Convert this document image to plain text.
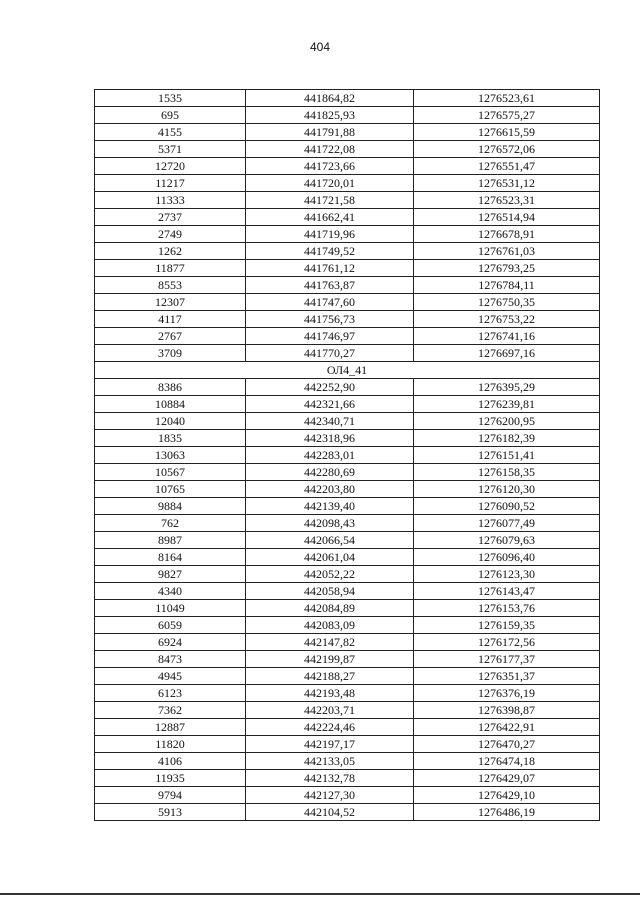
404
1535	441864,82	1276523,61
695	441825,93	1276575,27
4155	441791,88	1276615,59
5371	441722,08	1276572,06
12720	441723,66	1276551,47
11217	441720,01	1276531,12
11333	441721,58	1276523,31
2737	441662,41	1276514,94
2749	441719,96	1276678,91
1262	441749,52	1276761,03
11877	441761,12	1276793,25
8553	441763,87	1276784,11
12307	441747,60	1276750,35
4117	441756,73	1276753,22
2767	441746,97	1276741,16
3709	441770,27	1276697,16
ОЛ4_41		
8386	442252,90	1276395,29
10884	442321,66	1276239,81
12040	442340,71	1276200,95
1835	442318,96	1276182,39
13063	442283,01	1276151,41
10567	442280,69	1276158,35
10765	442203,80	1276120,30
9884	442139,40	1276090,52
762	442098,43	1276077,49
8987	442066,54	1276079,63
8164	442061,04	1276096,40
9827	442052,22	1276123,30
4340	442058,94	1276143,47
11049	442084,89	1276153,76
6059	442083,09	1276159,35
6924	442147,82	1276172,56
8473	442199,87	1276177,37
4945	442188,27	1276351,37
6123	442193,48	1276376,19
7362	442203,71	1276398,87
12887	442224,46	1276422,91
11820	442197,17	1276470,27
4106	442133,05	1276474,18
11935	442132,78	1276429,07
9794	442127,30	1276429,10
5913	442104,52	1276486,19
